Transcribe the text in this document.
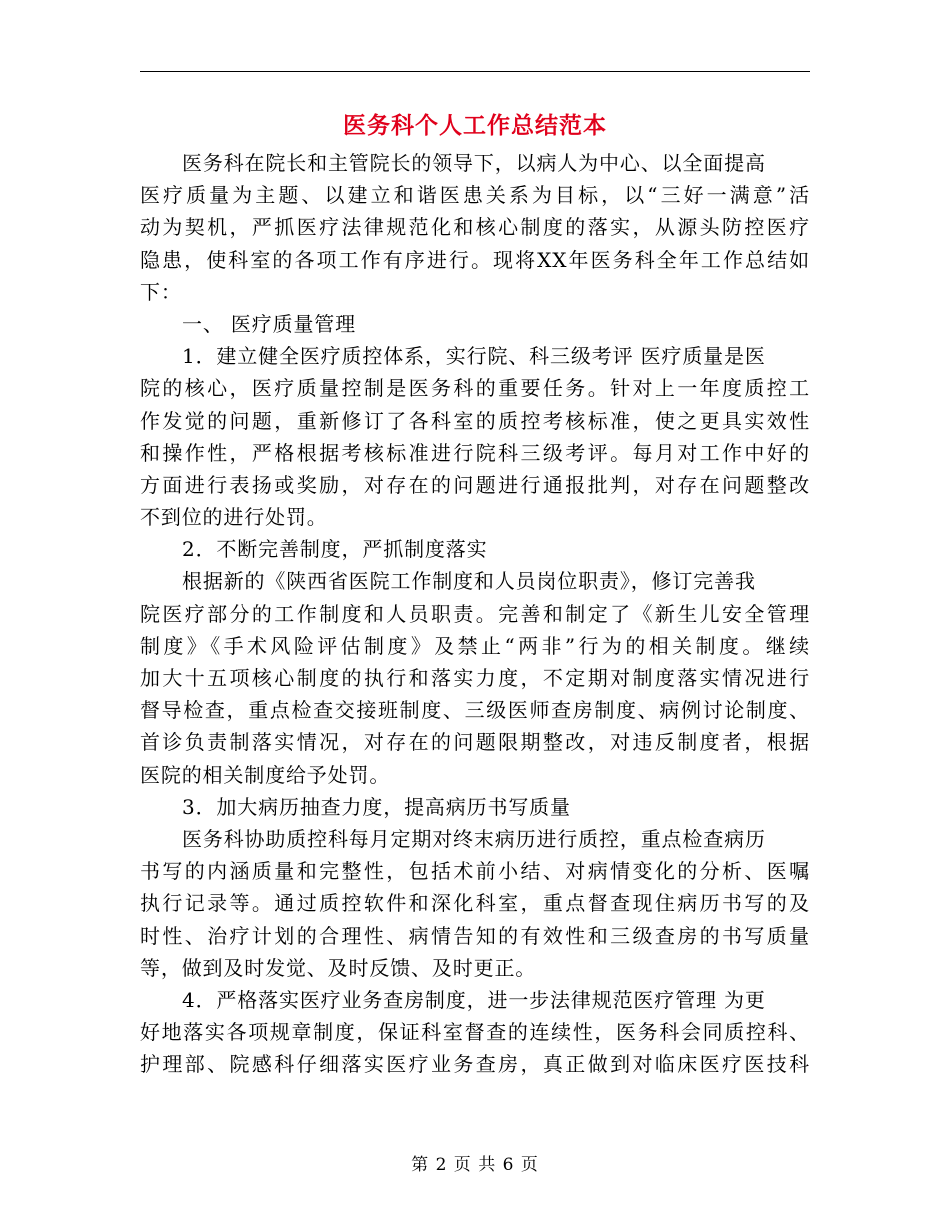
医务科个人工作总结范本
医务科在院长和主管院长的领导下，以病人为中心、以全面提高
医疗质量为主题、以建立和谐医患关系为目标，以“三好一满意”活
动为契机，严抓医疗法律规范化和核心制度的落实，从源头防控医疗
隐患，使科室的各项工作有序进行。现将XX年医务科全年工作总结如
下：
一、 医疗质量管理
1．建立健全医疗质控体系，实行院、科三级考评 医疗质量是医
院的核心，医疗质量控制是医务科的重要任务。针对上一年度质控工
作发觉的问题，重新修订了各科室的质控考核标准，使之更具实效性
和操作性，严格根据考核标准进行院科三级考评。每月对工作中好的
方面进行表扬或奖励，对存在的问题进行通报批判，对存在问题整改
不到位的进行处罚。
2．不断完善制度，严抓制度落实
根据新的《陕西省医院工作制度和人员岗位职责》，修订完善我
院医疗部分的工作制度和人员职责。完善和制定了《新生儿安全管理
制度》《手术风险评估制度》及禁止“两非”行为的相关制度。继续
加大十五项核心制度的执行和落实力度，不定期对制度落实情况进行
督导检查，重点检查交接班制度、三级医师查房制度、病例讨论制度、
首诊负责制落实情况，对存在的问题限期整改，对违反制度者，根据
医院的相关制度给予处罚。
3．加大病历抽查力度，提高病历书写质量
医务科协助质控科每月定期对终末病历进行质控，重点检查病历
书写的内涵质量和完整性，包括术前小结、对病情变化的分析、医嘱
执行记录等。通过质控软件和深化科室，重点督查现住病历书写的及
时性、治疗计划的合理性、病情告知的有效性和三级查房的书写质量
等，做到及时发觉、及时反馈、及时更正。
4．严格落实医疗业务查房制度，进一步法律规范医疗管理 为更
好地落实各项规章制度，保证科室督查的连续性，医务科会同质控科、
护理部、院感科仔细落实医疗业务查房，真正做到对临床医疗医技科
第 2 页 共 6 页
